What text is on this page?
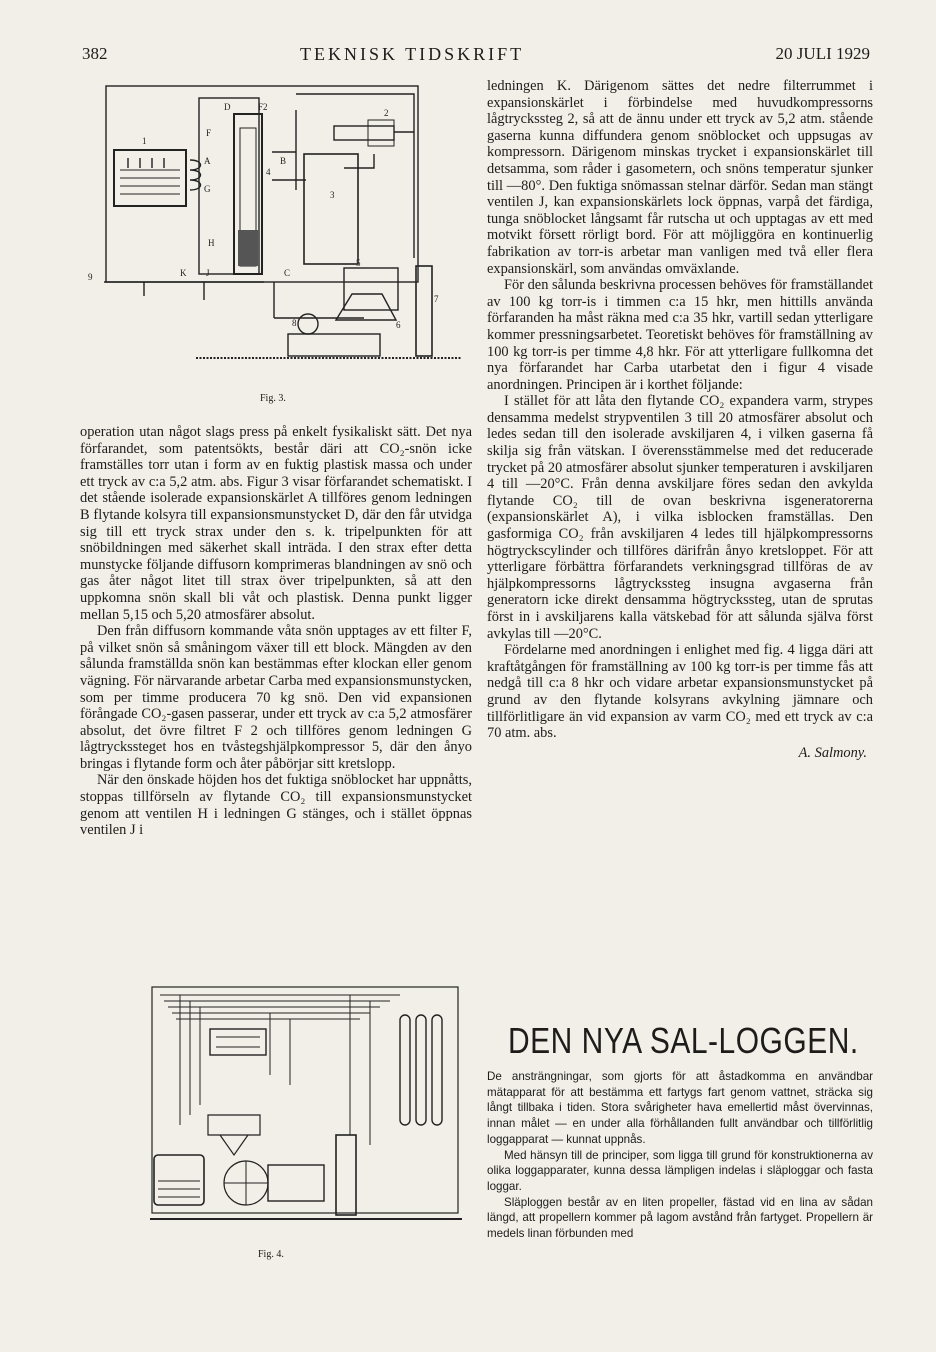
382	TEKNISK TIDSKRIFT	20 JULI 1929
1
2
3
4
5
6
7
8
9
A	B
C
D
F
F2
G
H
J
K
Fig. 3.

operation utan något slags press på enkelt fysikaliskt sätt. Det nya förfarandet, som patentsökts, består däri att CO₂-snön icke framställes torr utan i form av en fuktig plastisk massa och under ett tryck av c:a 5,2 atm. abs. Figur 3 visar förfarandet schematiskt. I det stående isolerade expansionskärlet A tillföres genom ledningen B flytande kolsyra till expansionsmunstycket D, där den får utvidga sig till ett tryck strax under den s. k. tripelpunkten för att snöbildningen med säkerhet skall inträda. I den strax efter detta munstycke följande diffusorn komprimeras blandningen av snö och gas åter något litet till strax över tripelpunkten, så att den uppkomna snön skall bli våt och plastisk. Denna punkt ligger mellan 5,15 och 5,20 atmosfärer absolut.

Den från diffusorn kommande våta snön upptages av ett filter F, på vilket snön så småningom växer till ett block. Mängden av den sålunda framställda snön kan bestämmas efter klockan eller genom vägning. För närvarande arbetar Carba med expansionsmunstycken, som per timme producera 70 kg snö. Den vid expansionen förångade CO₂-gasen passerar, under ett tryck av c:a 5,2 atmosfärer absolut, det övre filtret F 2 och tillföres genom ledningen G lågtryckssteget hos en tvåstegshjälpkompressor 5, där den ånyo bringas i flytande form och åter påbörjar sitt kretslopp.

När den önskade höjden hos det fuktiga snöblocket har uppnåtts, stoppas tillförseln av flytande CO₂ till expansionsmunstycket genom att ventilen H i ledningen G stänges, och i stället öppnas ventilen J i

ledningen K. Därigenom sättes det nedre filterrummet i expansionskärlet i förbindelse med huvudkompressorns lågtryckssteg 2, så att de ännu under ett tryck av 5,2 atm. stående gaserna kunna diffundera genom snöblocket och uppsugas av kompressorn. Därigenom minskas trycket i expansionskärlet till detsamma, som råder i gasometern, och snöns temperatur sjunker till —80°. Den fuktiga snömassan stelnar därför. Sedan man stängt ventilen J, kan expansionskärlets lock öppnas, varpå det färdiga, tunga snöblocket långsamt får rutscha ut och upptagas av ett med motvikt försett rörligt bord. För att möjliggöra en kontinuerlig fabrikation av torr-is arbetar man vanligen med två eller flera expansionskärl, som användas omväxlande.

För den sålunda beskrivna processen behöves för framställandet av 100 kg torr-is i timmen c:a 15 hkr, men hittills använda förfaranden ha måst räkna med c:a 35 hkr, vartill sedan ytterligare kommer pressningsarbetet. Teoretiskt behöves för framställning av 100 kg torr-is per timme 4,8 hkr. För att ytterligare fullkomna det nya förfarandet har Carba utarbetat den i figur 4 visade anordningen. Principen är i korthet följande:

I stället för att låta den flytande CO₂ expandera varm, strypes densamma medelst strypventilen 3 till 20 atmosfärer absolut och ledes sedan till den isolerade avskiljaren 4, i vilken gaserna få skilja sig från vätskan. I överensstämmelse med det reducerade trycket på 20 atmosfärer absolut sjunker temperaturen i avskiljaren 4 till —20°C. Från denna avskiljare föres sedan den avkylda flytande CO₂ till de ovan beskrivna isgeneratorerna (expansionskärlet A), i vilka isblocken framställas. Den gasformiga CO₂ från avskiljaren 4 ledes till hjälpkompressorns högtryckscylinder och tillföres därifrån ånyo kretsloppet. För att ytterligare förbättra förfarandets verkningsgrad tillföras de av hjälpkompressorns lågtryckssteg insugna avgaserna från generatorn icke direkt densamma högtryckssteg, utan de sprutas först in i avskiljarens kalla vätskebad för att sålunda själva först avkylas till —20°C.

Fördelarne med anordningen i enlighet med fig. 4 ligga däri att kraftåtgången för framställning av 100 kg torr-is per timme fås att nedgå till c:a 8 hkr och vidare arbetar expansionsmunstycket på grund av den flytande kolsyrans avkylning jämnare och tillförlitligare än vid expansion av varm CO₂ med ett tryck av c:a 70 atm. abs.

A. Salmony.

Fig. 4.
DEN NYA SAL-LOGGEN.

De ansträngningar, som gjorts för att åstadkomma en användbar mätapparat för att bestämma ett fartygs fart genom vattnet, sträcka sig långt tillbaka i tiden. Stora svårigheter hava emellertid måst övervinnas, innan målet — en under alla förhållanden fullt användbar och tillförlitlig loggapparat — kunnat uppnås.

Med hänsyn till de principer, som ligga till grund för konstruktionerna av olika loggapparater, kunna dessa lämpligen indelas i släploggar och fasta loggar.

Släploggen består av en liten propeller, fästad vid en lina av sådan längd, att propellern kommer på lagom avstånd från fartyget. Propellern är medels linan förbunden med
